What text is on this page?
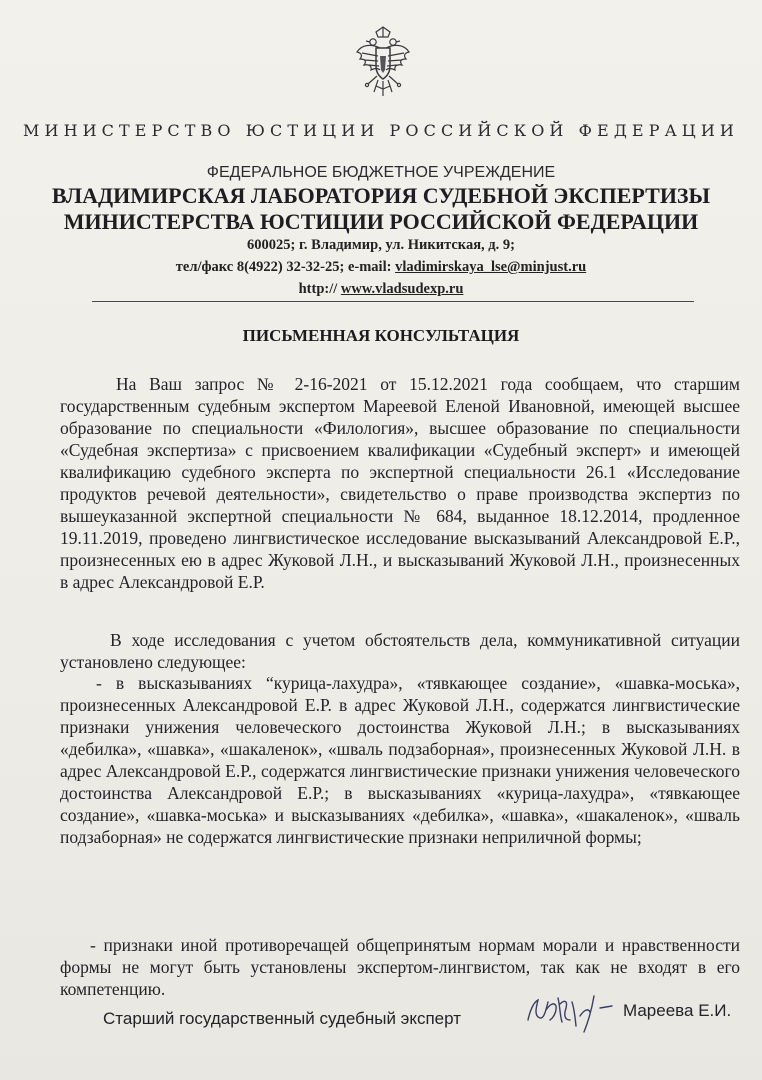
МИНИСТЕРСТВО ЮСТИЦИИ РОССИЙСКОЙ ФЕДЕРАЦИИ
ФЕДЕРАЛЬНОЕ БЮДЖЕТНОЕ УЧРЕЖДЕНИЕ
ВЛАДИМИРСКАЯ ЛАБОРАТОРИЯ СУДЕБНОЙ ЭКСПЕРТИЗЫ
МИНИСТЕРСТВА ЮСТИЦИИ РОССИЙСКОЙ ФЕДЕРАЦИИ
600025; г. Владимир, ул. Никитская, д. 9;
тел/факс 8(4922) 32-32-25; e-mail: vladimirskaya_lse@minjust.ru
http:// www.vladsudexp.ru
ПИСЬМЕННАЯ КОНСУЛЬТАЦИЯ

На Ваш запрос № 2-16-2021 от 15.12.2021 года сообщаем, что старшим государственным судебным экспертом Мареевой Еленой Ивановной, имеющей высшее образование по специальности «Филология», высшее образование по специальности «Судебная экспертиза» с присвоением квалификации «Судебный эксперт» и имеющей квалификацию судебного эксперта по экспертной специальности 26.1 «Исследование продуктов речевой деятельности», свидетельство о праве производства экспертиз по вышеуказанной экспертной специальности № 684, выданное 18.12.2014, продленное 19.11.2019, проведено лингвистическое исследование высказываний Александровой Е.Р., произнесенных ею в адрес Жуковой Л.Н., и высказываний Жуковой Л.Н., произнесенных в адрес Александровой Е.Р.

В ходе исследования с учетом обстоятельств дела, коммуникативной ситуации установлено следующее:

- в высказываниях “курица-лахудра», «тявкающее создание», «шавка-моська», произнесенных Александровой Е.Р. в адрес Жуковой Л.Н., содержатся лингвистические признаки унижения человеческого достоинства Жуковой Л.Н.; в высказываниях «дебилка», «шавка», «шакаленок», «шваль подзаборная», произнесенных Жуковой Л.Н. в адрес Александровой Е.Р., содержатся лингвистические признаки унижения человеческого достоинства Александровой Е.Р.; в высказываниях «курица-лахудра», «тявкающее создание», «шавка-моська» и высказываниях «дебилка», «шавка», «шакаленок», «шваль подзаборная» не содержатся лингвистические признаки неприличной формы;

- признаки иной противоречащей общепринятым нормам морали и нравственности формы не могут быть установлены экспертом-лингвистом, так как не входят в его компетенцию.

Старший государственный судебный эксперт	Мареева Е.И.
